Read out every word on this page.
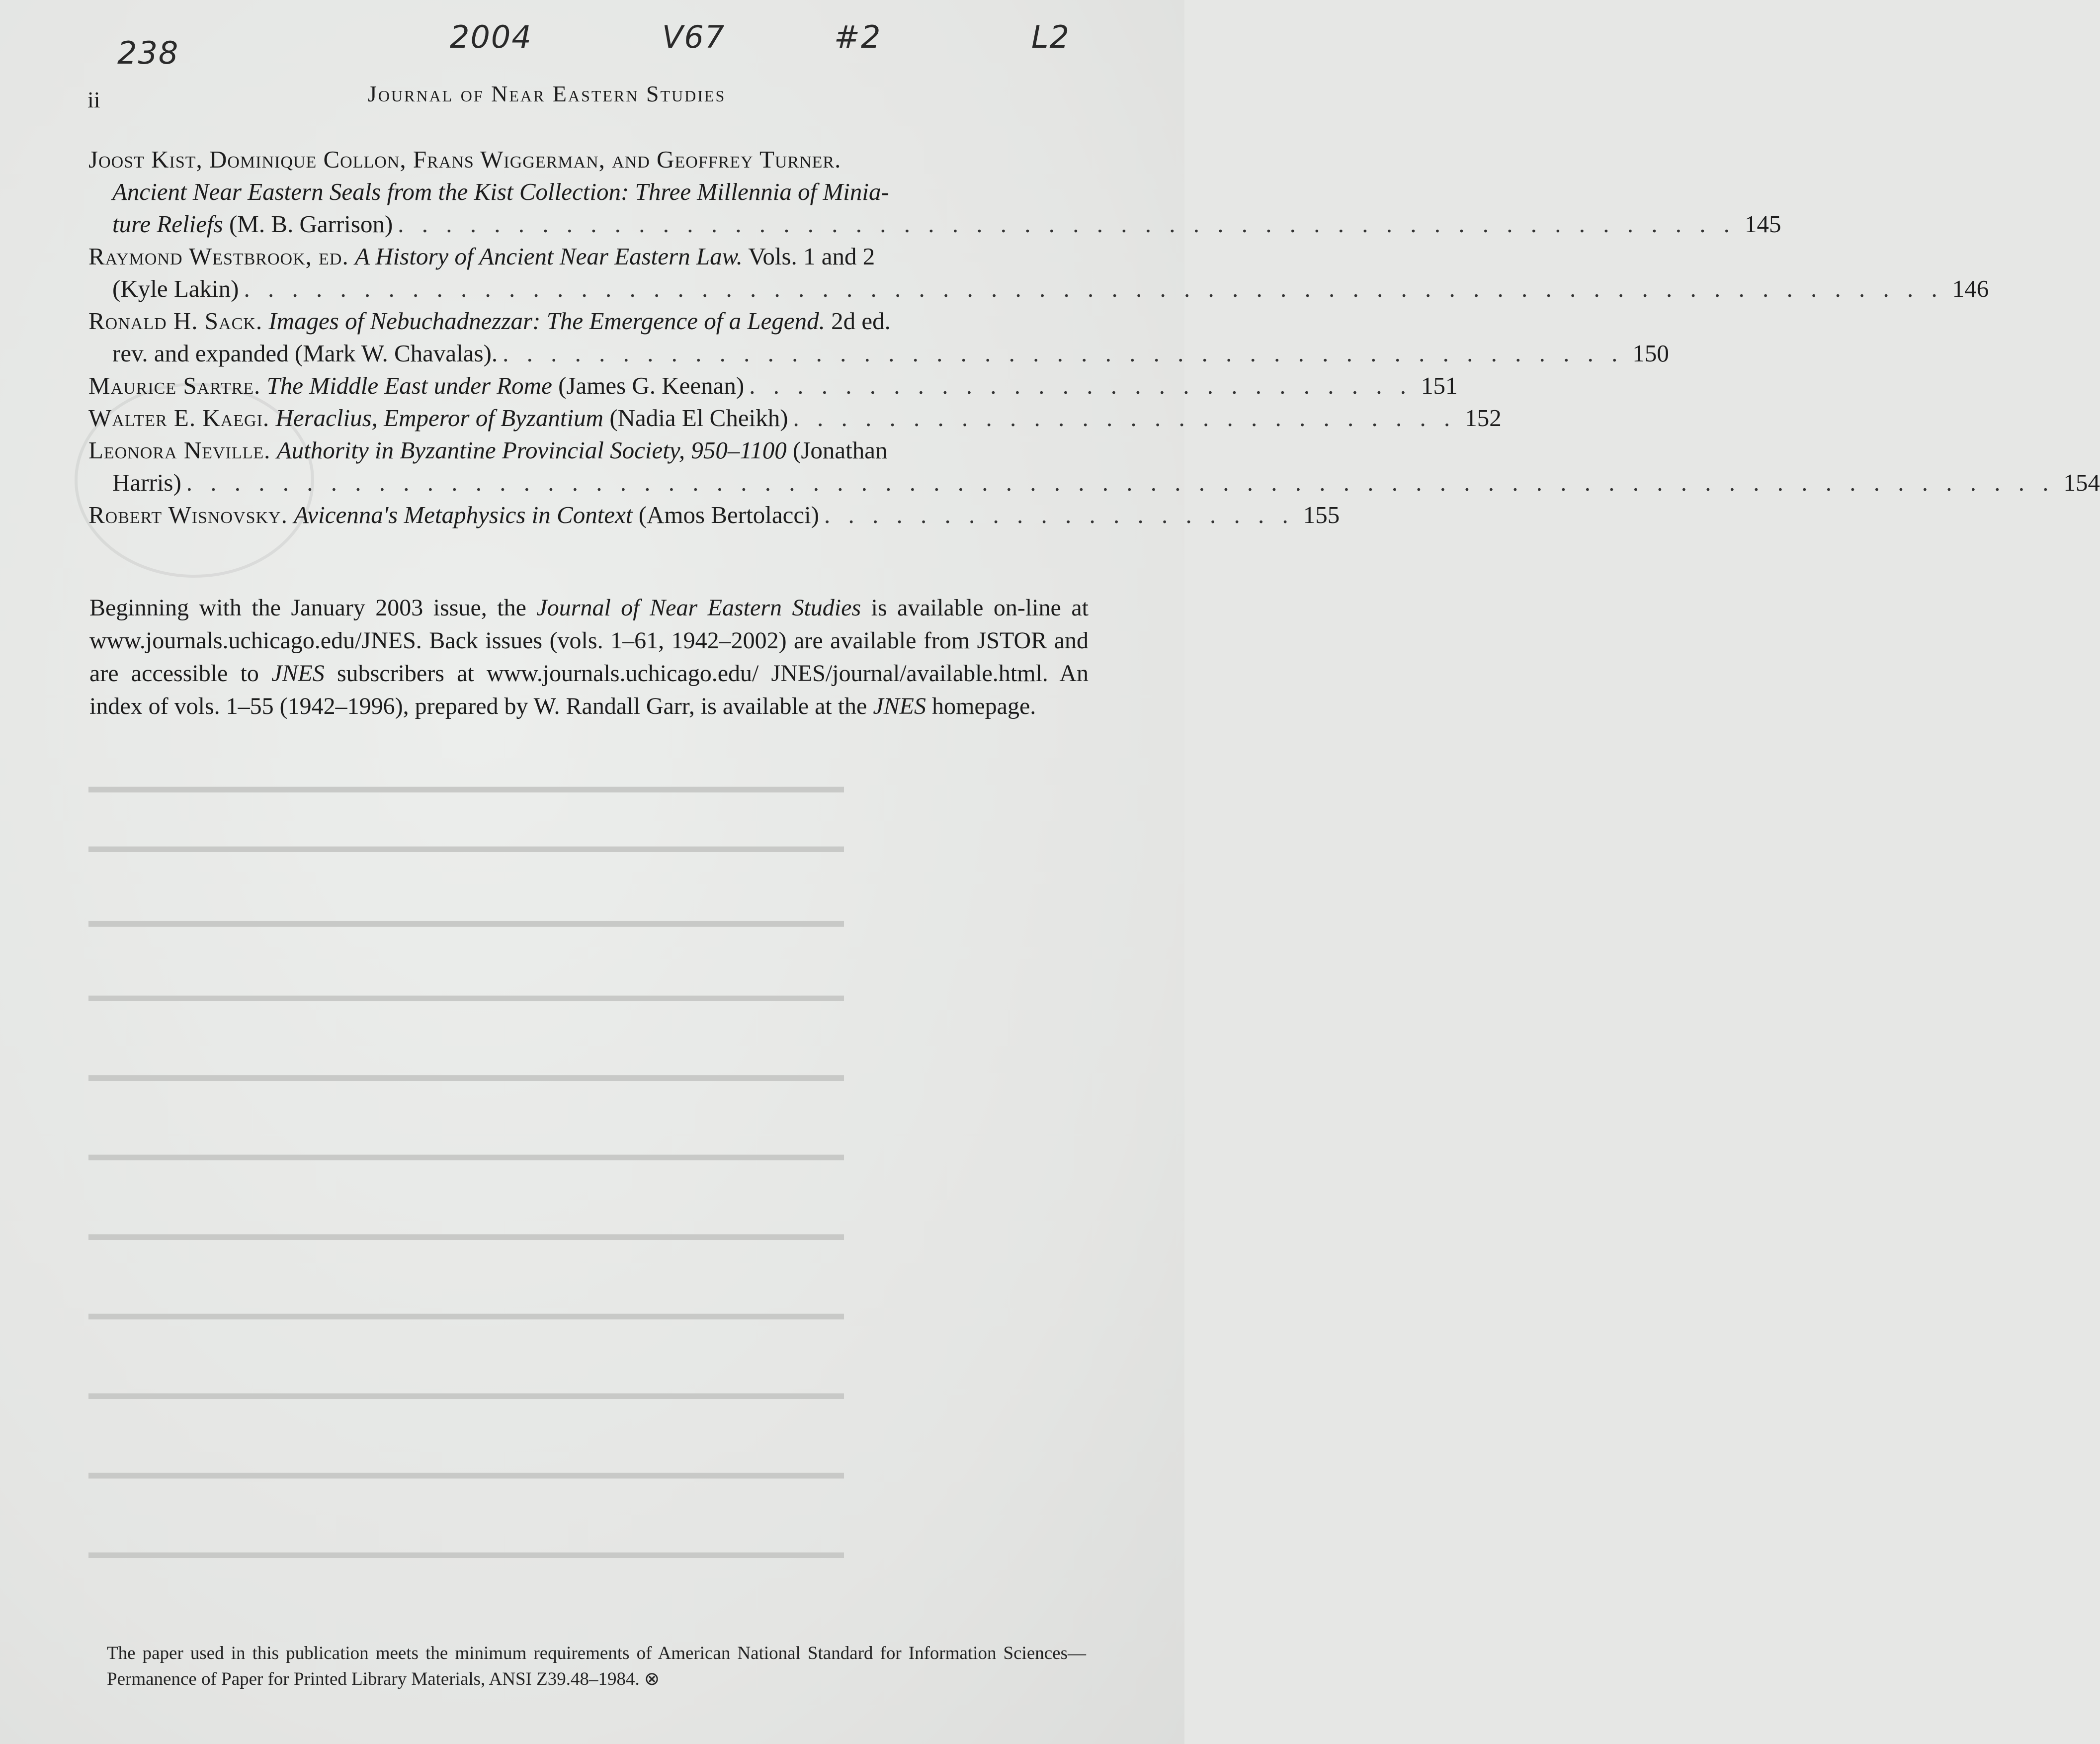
238	2004	V67	#2	L2
ii	Journal of Near Eastern Studies
Joost Kist, Dominique Collon, Frans Wiggerman, and Geoffrey Turner.
Ancient Near Eastern Seals from the Kist Collection: Three Millennia of Minia-
ture Reliefs (M. B. Garrison) . . . . . . . . . . . . . . . . . . . . . . . . . . . . . . . . . . . . . . . . . . . . . . . . . . . . . . . . 145
Raymond Westbrook, ed. A History of Ancient Near Eastern Law. Vols. 1 and 2
(Kyle Lakin) . . . . . . . . . . . . . . . . . . . . . . . . . . . . . . . . . . . . . . . . . . . . . . . . . . . . . . . . . . . . . . . . . . . . . . . 146
Ronald H. Sack. Images of Nebuchadnezzar: The Emergence of a Legend. 2d ed.
rev. and expanded (Mark W. Chavalas). . . . . . . . . . . . . . . . . . . . . . . . . . . . . . . . . . . . . . . . . . . . . . . . 150
Maurice Sartre. The Middle East under Rome (James G. Keenan) . . . . . . . . . . . . . . . . . . . . . . . . . . . . 151
Walter E. Kaegi. Heraclius, Emperor of Byzantium (Nadia El Cheikh) . . . . . . . . . . . . . . . . . . . . . . . . . . . . 152
Leonora Neville. Authority in Byzantine Provincial Society, 950–1100 (Jonathan
Harris) . . . . . . . . . . . . . . . . . . . . . . . . . . . . . . . . . . . . . . . . . . . . . . . . . . . . . . . . . . . . . . . . . . . . . . . . . . . . . . 154
Robert Wisnovsky. Avicenna's Metaphysics in Context (Amos Bertolacci) . . . . . . . . . . . . . . . . . . . . 155
Beginning with the January 2003 issue, the Journal of Near Eastern Studies is available on-line at www.journals.uchicago.edu/JNES. Back issues (vols. 1–61, 1942–2002) are available from JSTOR and are accessible to JNES subscribers at www.journals.uchicago.edu/ JNES/journal/available.html. An index of vols. 1–55 (1942–1996), prepared by W. Randall Garr, is available at the JNES homepage.
▬▬▬▬▬▬▬▬▬▬▬▬▬▬▬▬▬▬▬▬▬▬▬▬▬▬▬▬▬▬▬▬▬▬▬▬▬▬▬▬
▬▬▬▬▬▬▬▬▬▬▬▬▬▬▬▬▬▬▬▬▬▬▬▬▬▬▬▬▬▬▬▬▬▬▬▬▬▬▬▬
▬▬▬▬▬▬▬▬▬▬▬▬▬▬▬▬▬▬▬▬▬▬▬▬▬▬▬▬▬▬▬▬▬▬▬▬▬▬▬▬
▬▬▬▬▬▬▬▬▬▬▬▬▬▬▬▬▬▬▬▬▬▬▬▬▬▬▬▬▬▬▬▬▬▬▬▬▬▬▬▬
▬▬▬▬▬▬▬▬▬▬▬▬▬▬▬▬▬▬▬▬▬▬▬▬▬▬▬▬▬▬▬▬▬▬▬▬▬▬▬▬
▬▬▬▬▬▬▬▬▬▬▬▬▬▬▬▬▬▬▬▬▬▬▬▬▬▬▬▬▬▬▬▬▬▬▬▬▬▬▬▬
▬▬▬▬▬▬▬▬▬▬▬▬▬▬▬▬▬▬▬▬▬▬▬▬▬▬▬▬▬▬▬▬▬▬▬▬▬▬▬▬
▬▬▬▬▬▬▬▬▬▬▬▬▬▬▬▬▬▬▬▬▬▬▬▬▬▬▬▬▬▬▬▬▬▬▬▬▬▬▬▬
▬▬▬▬▬▬▬▬▬▬▬▬▬▬▬▬▬▬▬▬▬▬▬▬▬▬▬▬▬▬▬▬▬▬▬▬▬▬▬▬
▬▬▬▬▬▬▬▬▬▬▬▬▬▬▬▬▬▬▬▬▬▬▬▬▬▬▬▬▬▬▬▬▬▬▬▬▬▬▬▬
▬▬▬▬▬▬▬▬▬▬▬▬▬▬▬▬▬▬▬▬▬▬▬▬▬▬▬▬▬▬▬▬▬▬▬▬▬▬▬▬
The paper used in this publication meets the minimum requirements of American National Standard for Information Sciences—Permanence of Paper for Printed Library Materials, ANSI Z39.48–1984. ⊗
